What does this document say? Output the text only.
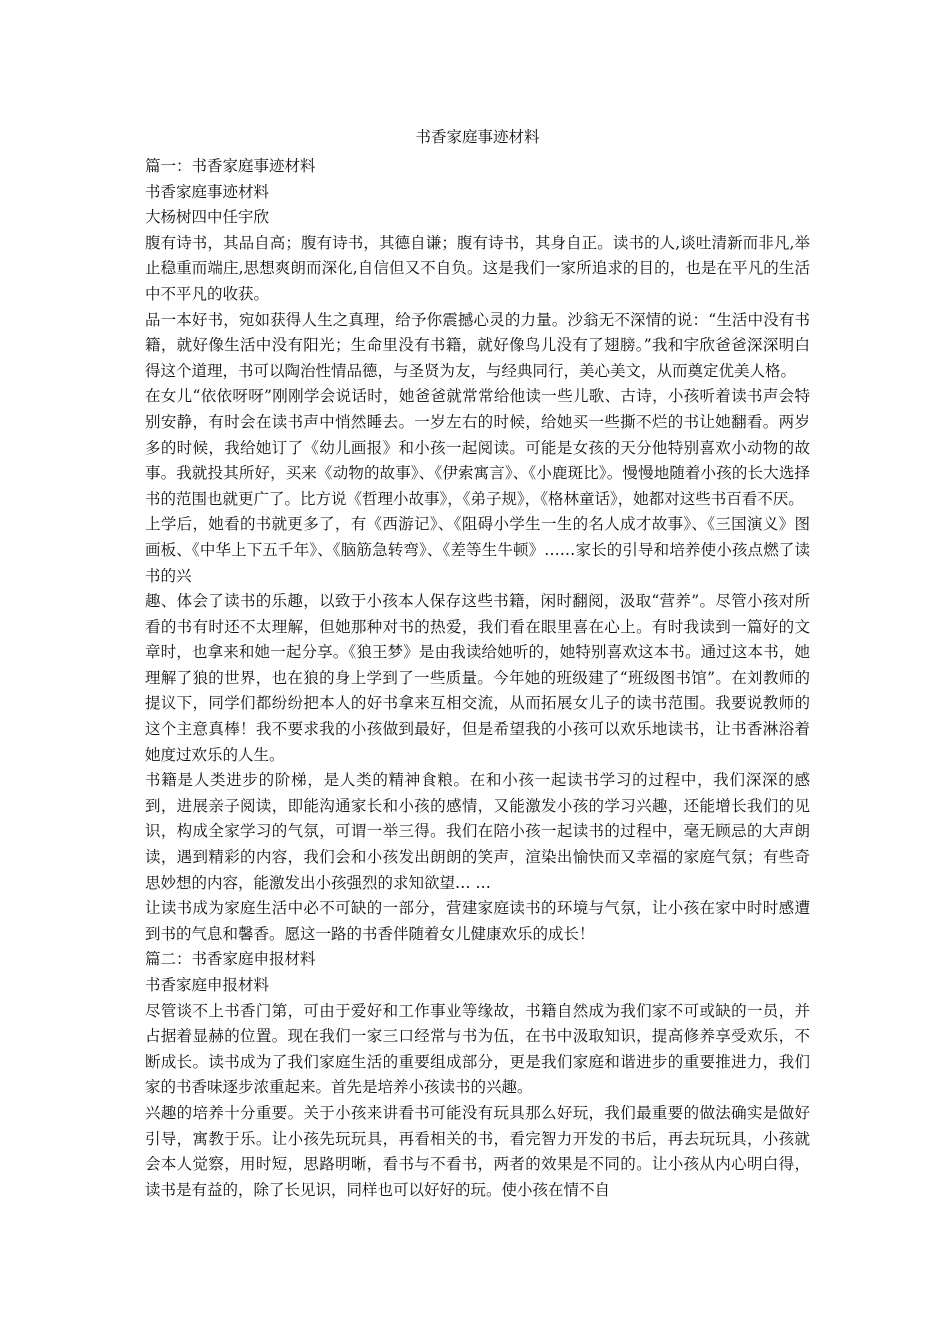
书香家庭事迹材料
篇一：书香家庭事迹材料
书香家庭事迹材料
大杨树四中任宇欣

腹有诗书，其品自高；腹有诗书，其德自谦；腹有诗书，其身自正。读书的人,谈吐清新而非凡,举止稳重而端庄,思想爽朗而深化,自信但又不自负。这是我们一家所追求的目的，也是在平凡的生活中不平凡的收获。

品一本好书，宛如获得人生之真理，给予你震撼心灵的力量。沙翁无不深情的说：“生活中没有书籍，就好像生活中没有阳光；生命里没有书籍，就好像鸟儿没有了翅膀。”我和宇欣爸爸深深明白得这个道理，书可以陶治性情品德，与圣贤为友，与经典同行，美心美文，从而奠定优美人格。

在女儿“依依呀呀”刚刚学会说话时，她爸爸就常常给他读一些儿歌、古诗，小孩听着读书声会特别安静，有时会在读书声中悄然睡去。一岁左右的时候，给她买一些撕不烂的书让她翻看。两岁多的时候，我给她订了《幼儿画报》和小孩一起阅读。可能是女孩的天分他特别喜欢小动物的故事。我就投其所好，买来《动物的故事》、《伊索寓言》、《小鹿斑比》。慢慢地随着小孩的长大选择书的范围也就更广了。比方说《哲理小故事》，《弟子规》，《格林童话》，她都对这些书百看不厌。

上学后，她看的书就更多了，有《西游记》、《阻碍小学生一生的名人成才故事》、《三国演义》图画板、《中华上下五千年》、《脑筋急转弯》、《差等生牛顿》……家长的引导和培养使小孩点燃了读书的兴

趣、体会了读书的乐趣，以致于小孩本人保存这些书籍，闲时翻阅，汲取“营养”。尽管小孩对所看的书有时还不太理解，但她那种对书的热爱，我们看在眼里喜在心上。有时我读到一篇好的文章时，也拿来和她一起分享。《狼王梦》是由我读给她听的，她特别喜欢这本书。通过这本书，她理解了狼的世界，也在狼的身上学到了一些质量。今年她的班级建了“班级图书馆”。在刘教师的提议下，同学们都纷纷把本人的好书拿来互相交流，从而拓展女儿子的读书范围。我要说教师的这个主意真棒！我不要求我的小孩做到最好，但是希望我的小孩可以欢乐地读书，让书香淋浴着她度过欢乐的人生。

书籍是人类进步的阶梯，是人类的精神食粮。在和小孩一起读书学习的过程中，我们深深的感到，进展亲子阅读，即能沟通家长和小孩的感情，又能激发小孩的学习兴趣，还能增长我们的见识，构成全家学习的气氛，可谓一举三得。我们在陪小孩一起读书的过程中，毫无顾忌的大声朗读，遇到精彩的内容，我们会和小孩发出朗朗的笑声，渲染出愉快而又幸福的家庭气氛；有些奇思妙想的内容，能激发出小孩强烈的求知欲望… …

让读书成为家庭生活中必不可缺的一部分，营建家庭读书的环境与气氛，让小孩在家中时时感遭到书的气息和馨香。愿这一路的书香伴随着女儿健康欢乐的成长！

篇二：书香家庭申报材料
书香家庭申报材料

尽管谈不上书香门第，可由于爱好和工作事业等缘故，书籍自然成为我们家不可或缺的一员，并占据着显赫的位置。现在我们一家三口经常与书为伍，在书中汲取知识，提高修养享受欢乐，不断成长。读书成为了我们家庭生活的重要组成部分，更是我们家庭和谐进步的重要推进力，我们家的书香味逐步浓重起来。首先是培养小孩读书的兴趣。

兴趣的培养十分重要。关于小孩来讲看书可能没有玩具那么好玩，我们最重要的做法确实是做好引导，寓教于乐。让小孩先玩玩具，再看相关的书，看完智力开发的书后，再去玩玩具，小孩就会本人觉察，用时短，思路明晰，看书与不看书，两者的效果是不同的。让小孩从内心明白得，读书是有益的，除了长见识，同样也可以好好的玩。使小孩在情不自
